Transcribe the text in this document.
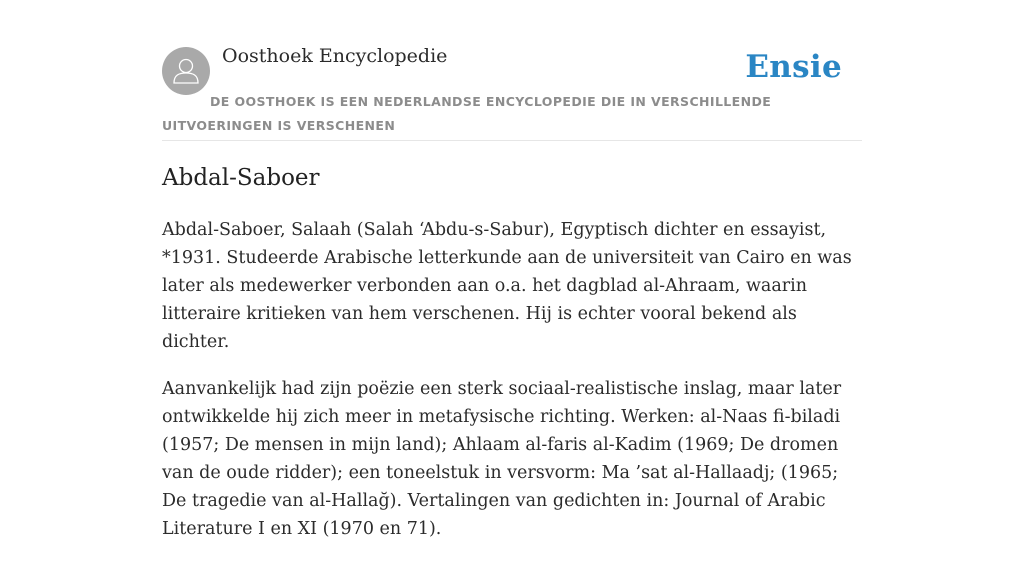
Oosthoek Encyclopedie	Ensie
DE OOSTHOEK IS EEN NEDERLANDSE ENCYCLOPEDIE DIE IN VERSCHILLENDE UITVOERINGEN IS VERSCHENEN
Abdal-Saboer

Abdal-Saboer, Salaah (Salah ‘Abdu-s-Sabur), Egyptisch dichter en essayist, *1931. Studeerde Arabische letterkunde aan de universiteit van Cairo en was later als medewerker verbonden aan o.a. het dagblad al-Ahraam, waarin litteraire kritieken van hem verschenen. Hij is echter vooral bekend als dichter.

Aanvankelijk had zijn poëzie een sterk sociaal-realistische inslag, maar later ontwikkelde hij zich meer in metafysische richting. Werken: al-Naas fi-biladi (1957; De mensen in mijn land); Ahlaam al-faris al-Kadim (1969; De dromen van de oude ridder); een toneelstuk in versvorm: Ma ’sat al-Hallaadj; (1965; De tragedie van al-Hallağ). Vertalingen van gedichten in: Journal of Arabic Literature I en XI (1970 en 71).
